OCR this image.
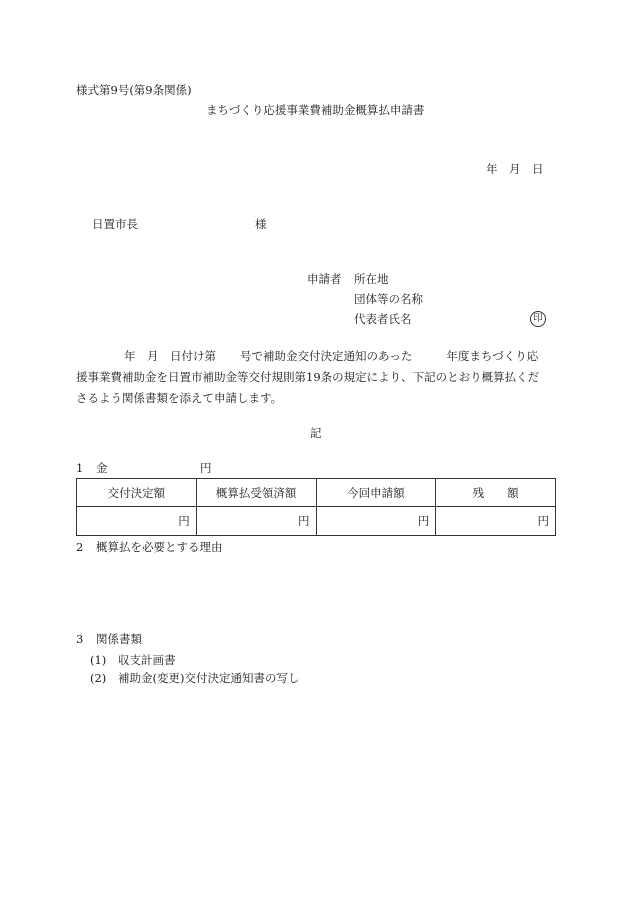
様式第9号(第9条関係)
まちづくり応援事業費補助金概算払申請書
年　月　日
日置市長	様
申請者 所在地
団体等の名称
代表者氏名	印
年　月　日付け第 号で補助金交付決定通知のあった	年度まちづくり応
援事業費補助金を日置市補助金等交付規則第19条の規定により、下記のとおり概算払くだ
さるよう関係書類を添えて申請します。
記
1 金	円
交付決定額	概算払受領済額	今回申請額	残　　額
円	円	円	円
2 概算払を必要とする理由
3 関係書類
(1) 収支計画書
(2) 補助金(変更)交付決定通知書の写し
